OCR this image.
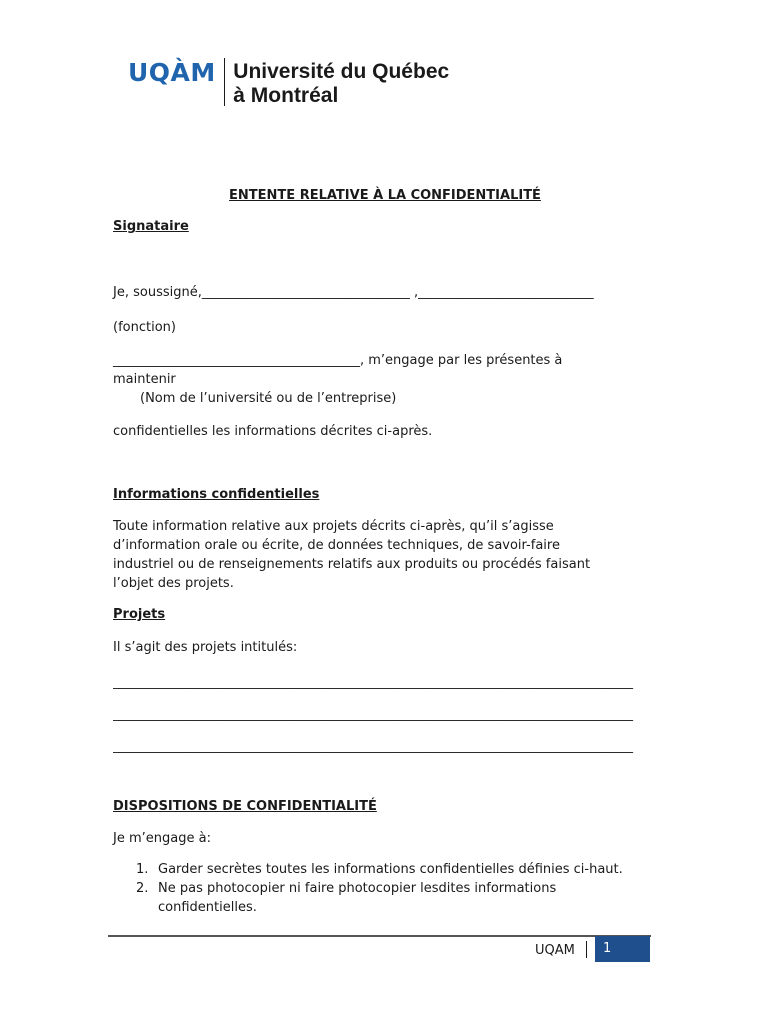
UQÀM Université du Québec
à Montréal
ENTENTE RELATIVE À LA CONFIDENTIALITÉ
Signataire
Je, soussigné,________________________________ ,___________________________
(fonction)
______________________________________, m’engage par les présentes à
maintenir
(Nom de l’université ou de l’entreprise)
confidentielles les informations décrites ci-après.
Informations confidentielles
Toute information relative aux projets décrits ci-après, qu’il s’agisse
d’information orale ou écrite, de données techniques, de savoir-faire
industriel ou de renseignements relatifs aux produits ou procédés faisant
l’objet des projets.
Projets
Il s’agit des projets intitulés:
________________________________________________________________________________
________________________________________________________________________________
________________________________________________________________________________
DISPOSITIONS DE CONFIDENTIALITÉ
Je m’engage à:
1. Garder secrètes toutes les informations confidentielles définies ci-haut.
2. Ne pas photocopier ni faire photocopier lesdites informations
confidentielles.
UQAM	1
